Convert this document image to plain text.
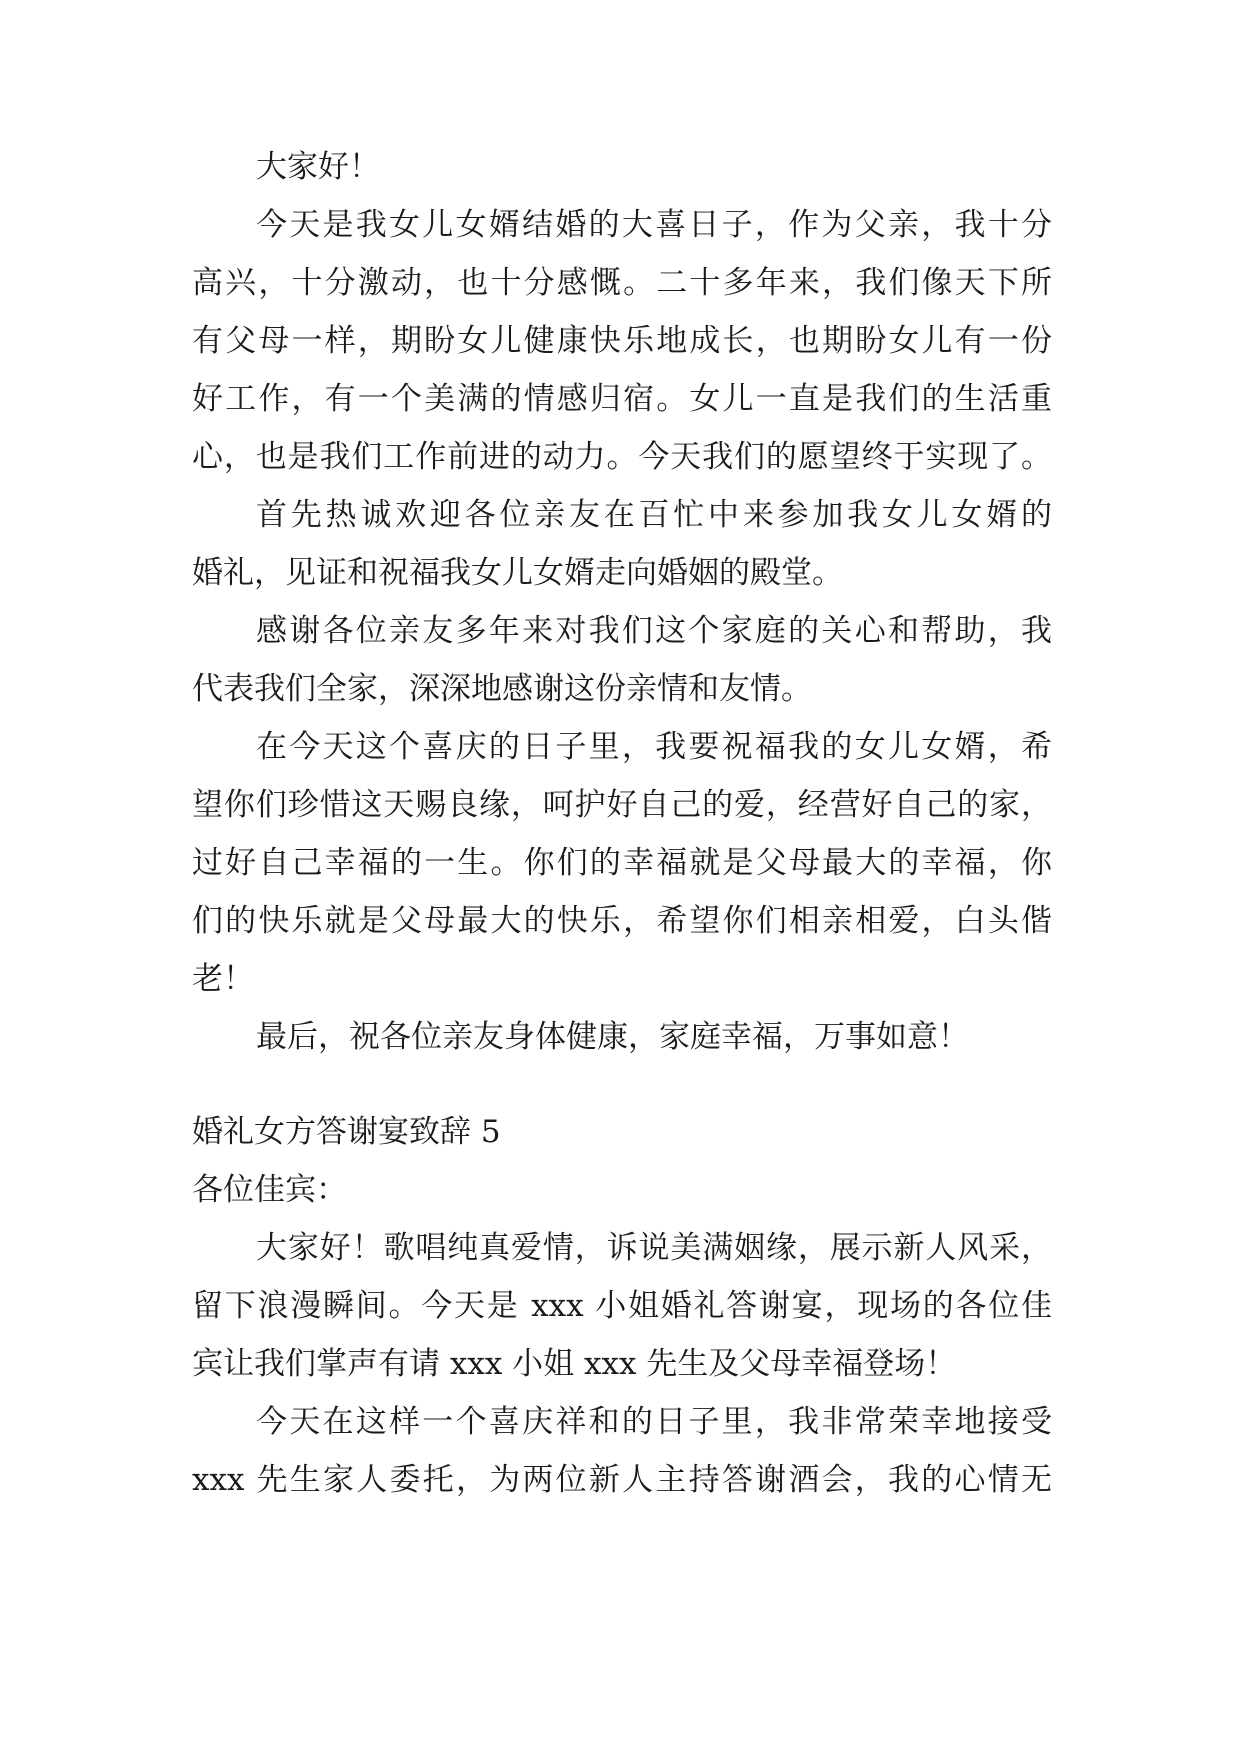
大家好！
今天是我女儿女婿结婚的大喜日子，作为父亲，我十分
高兴，十分激动，也十分感慨。二十多年来，我们像天下所
有父母一样，期盼女儿健康快乐地成长，也期盼女儿有一份
好工作，有一个美满的情感归宿。女儿一直是我们的生活重
心，也是我们工作前进的动力。今天我们的愿望终于实现了。
首先热诚欢迎各位亲友在百忙中来参加我女儿女婿的
婚礼，见证和祝福我女儿女婿走向婚姻的殿堂。
感谢各位亲友多年来对我们这个家庭的关心和帮助，我
代表我们全家，深深地感谢这份亲情和友情。
在今天这个喜庆的日子里，我要祝福我的女儿女婿，希
望你们珍惜这天赐良缘，呵护好自己的爱，经营好自己的家，
过好自己幸福的一生。你们的幸福就是父母最大的幸福，你
们的快乐就是父母最大的快乐，希望你们相亲相爱，白头偕
老！
最后，祝各位亲友身体健康，家庭幸福，万事如意！
婚礼女方答谢宴致辞 5
各位佳宾：
大家好！歌唱纯真爱情，诉说美满姻缘，展示新人风采，
留下浪漫瞬间。今天是 xxx 小姐婚礼答谢宴，现场的各位佳
宾让我们掌声有请 xxx 小姐 xxx 先生及父母幸福登场！
今天在这样一个喜庆祥和的日子里，我非常荣幸地接受
xxx 先生家人委托，为两位新人主持答谢酒会，我的心情无
